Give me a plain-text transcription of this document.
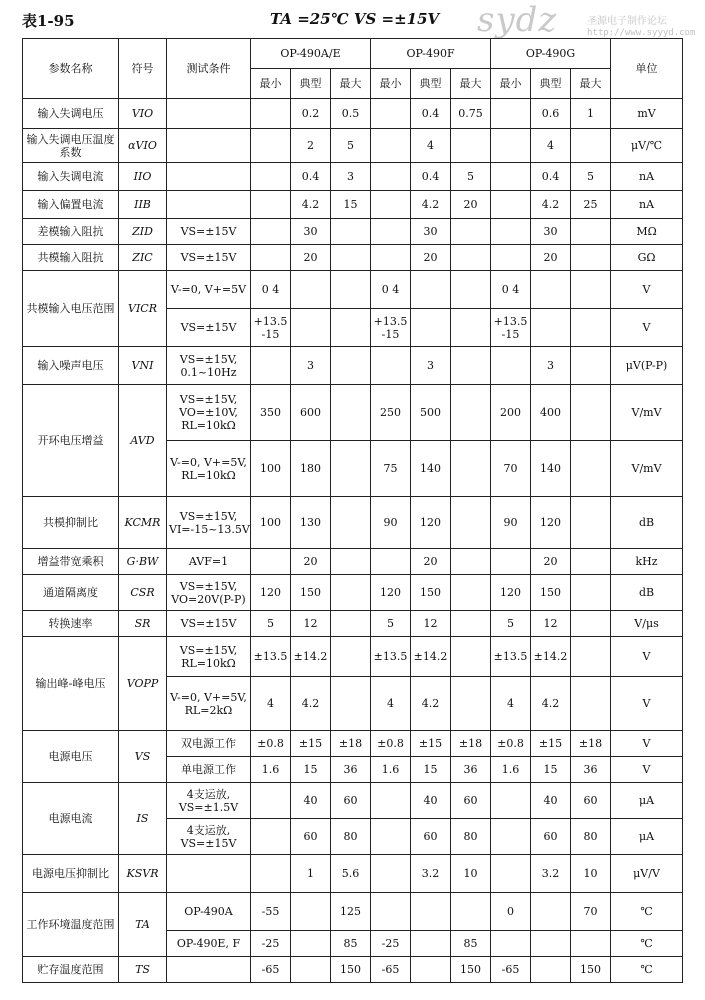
表1-95	TA =25℃ VS =±15V sydz	圣源电子制作论坛
http://www.syyyd.com
参数名称	符号	测试条件	OP-490A/E			OP-490F			OP-490G			单位
			最小	典型	最大	最小	典型	最大	最小	典型	最大	
输入失调电压	VIO			0.2	0.5		0.4	0.75		0.6	1	mV
输入失调电压温度系数	αVIO			2	5		4			4		μV/℃
输入失调电流	IIO			0.4	3		0.4	5		0.4	5	nA
输入偏置电流	IIB			4.2	15		4.2	20		4.2	25	nA
差模输入阻抗	ZID	VS=±15V		30			30			30		MΩ
共模输入阻抗	ZIC	VS=±15V		20			20			20		GΩ
共模输入电压范围	VICR	V-=0, V+=5V	0 4			0 4			0 4			V
		VS=±15V	+13.5 -15			+13.5 -15			+13.5 -15			V
输入噪声电压	VNI	VS=±15V, 0.1~10Hz		3			3			3		μV(P-P)
开环电压增益	AVD	VS=±15V, VO=±10V, RL=10kΩ	350	600		250	500		200	400		V/mV
		V-=0, V+=5V, RL=10kΩ	100	180		75	140		70	140		V/mV
共模抑制比	KCMR	VS=±15V, VI=-15~13.5V	100	130		90	120		90	120		dB
增益带宽乘积	G·BW	AVF=1		20			20			20		kHz
通道隔离度	CSR	VS=±15V, VO=20V(P-P)	120	150		120	150		120	150		dB
转换速率	SR	VS=±15V	5	12		5	12		5	12		V/μs
输出峰-峰电压	VOPP	VS=±15V, RL=10kΩ	±13.5	±14.2		±13.5	±14.2		±13.5	±14.2		V
		V-=0, V+=5V, RL=2kΩ	4	4.2		4	4.2		4	4.2		V
电源电压	VS	双电源工作	±0.8	±15	±18	±0.8	±15	±18	±0.8	±15	±18	V
		单电源工作	1.6	15	36	1.6	15	36	1.6	15	36	V
电源电流	IS	4支运放, VS=±1.5V		40	60		40	60		40	60	μA
		4支运放, VS=±15V		60	80		60	80		60	80	μA
电源电压抑制比	KSVR			1	5.6		3.2	10		3.2	10	μV/V
工作环境温度范围	TA	OP-490A	-55		125				0		70	℃
		OP-490E, F	-25		85	-25		85				℃
贮存温度范围	TS		-65		150	-65		150	-65		150	℃
